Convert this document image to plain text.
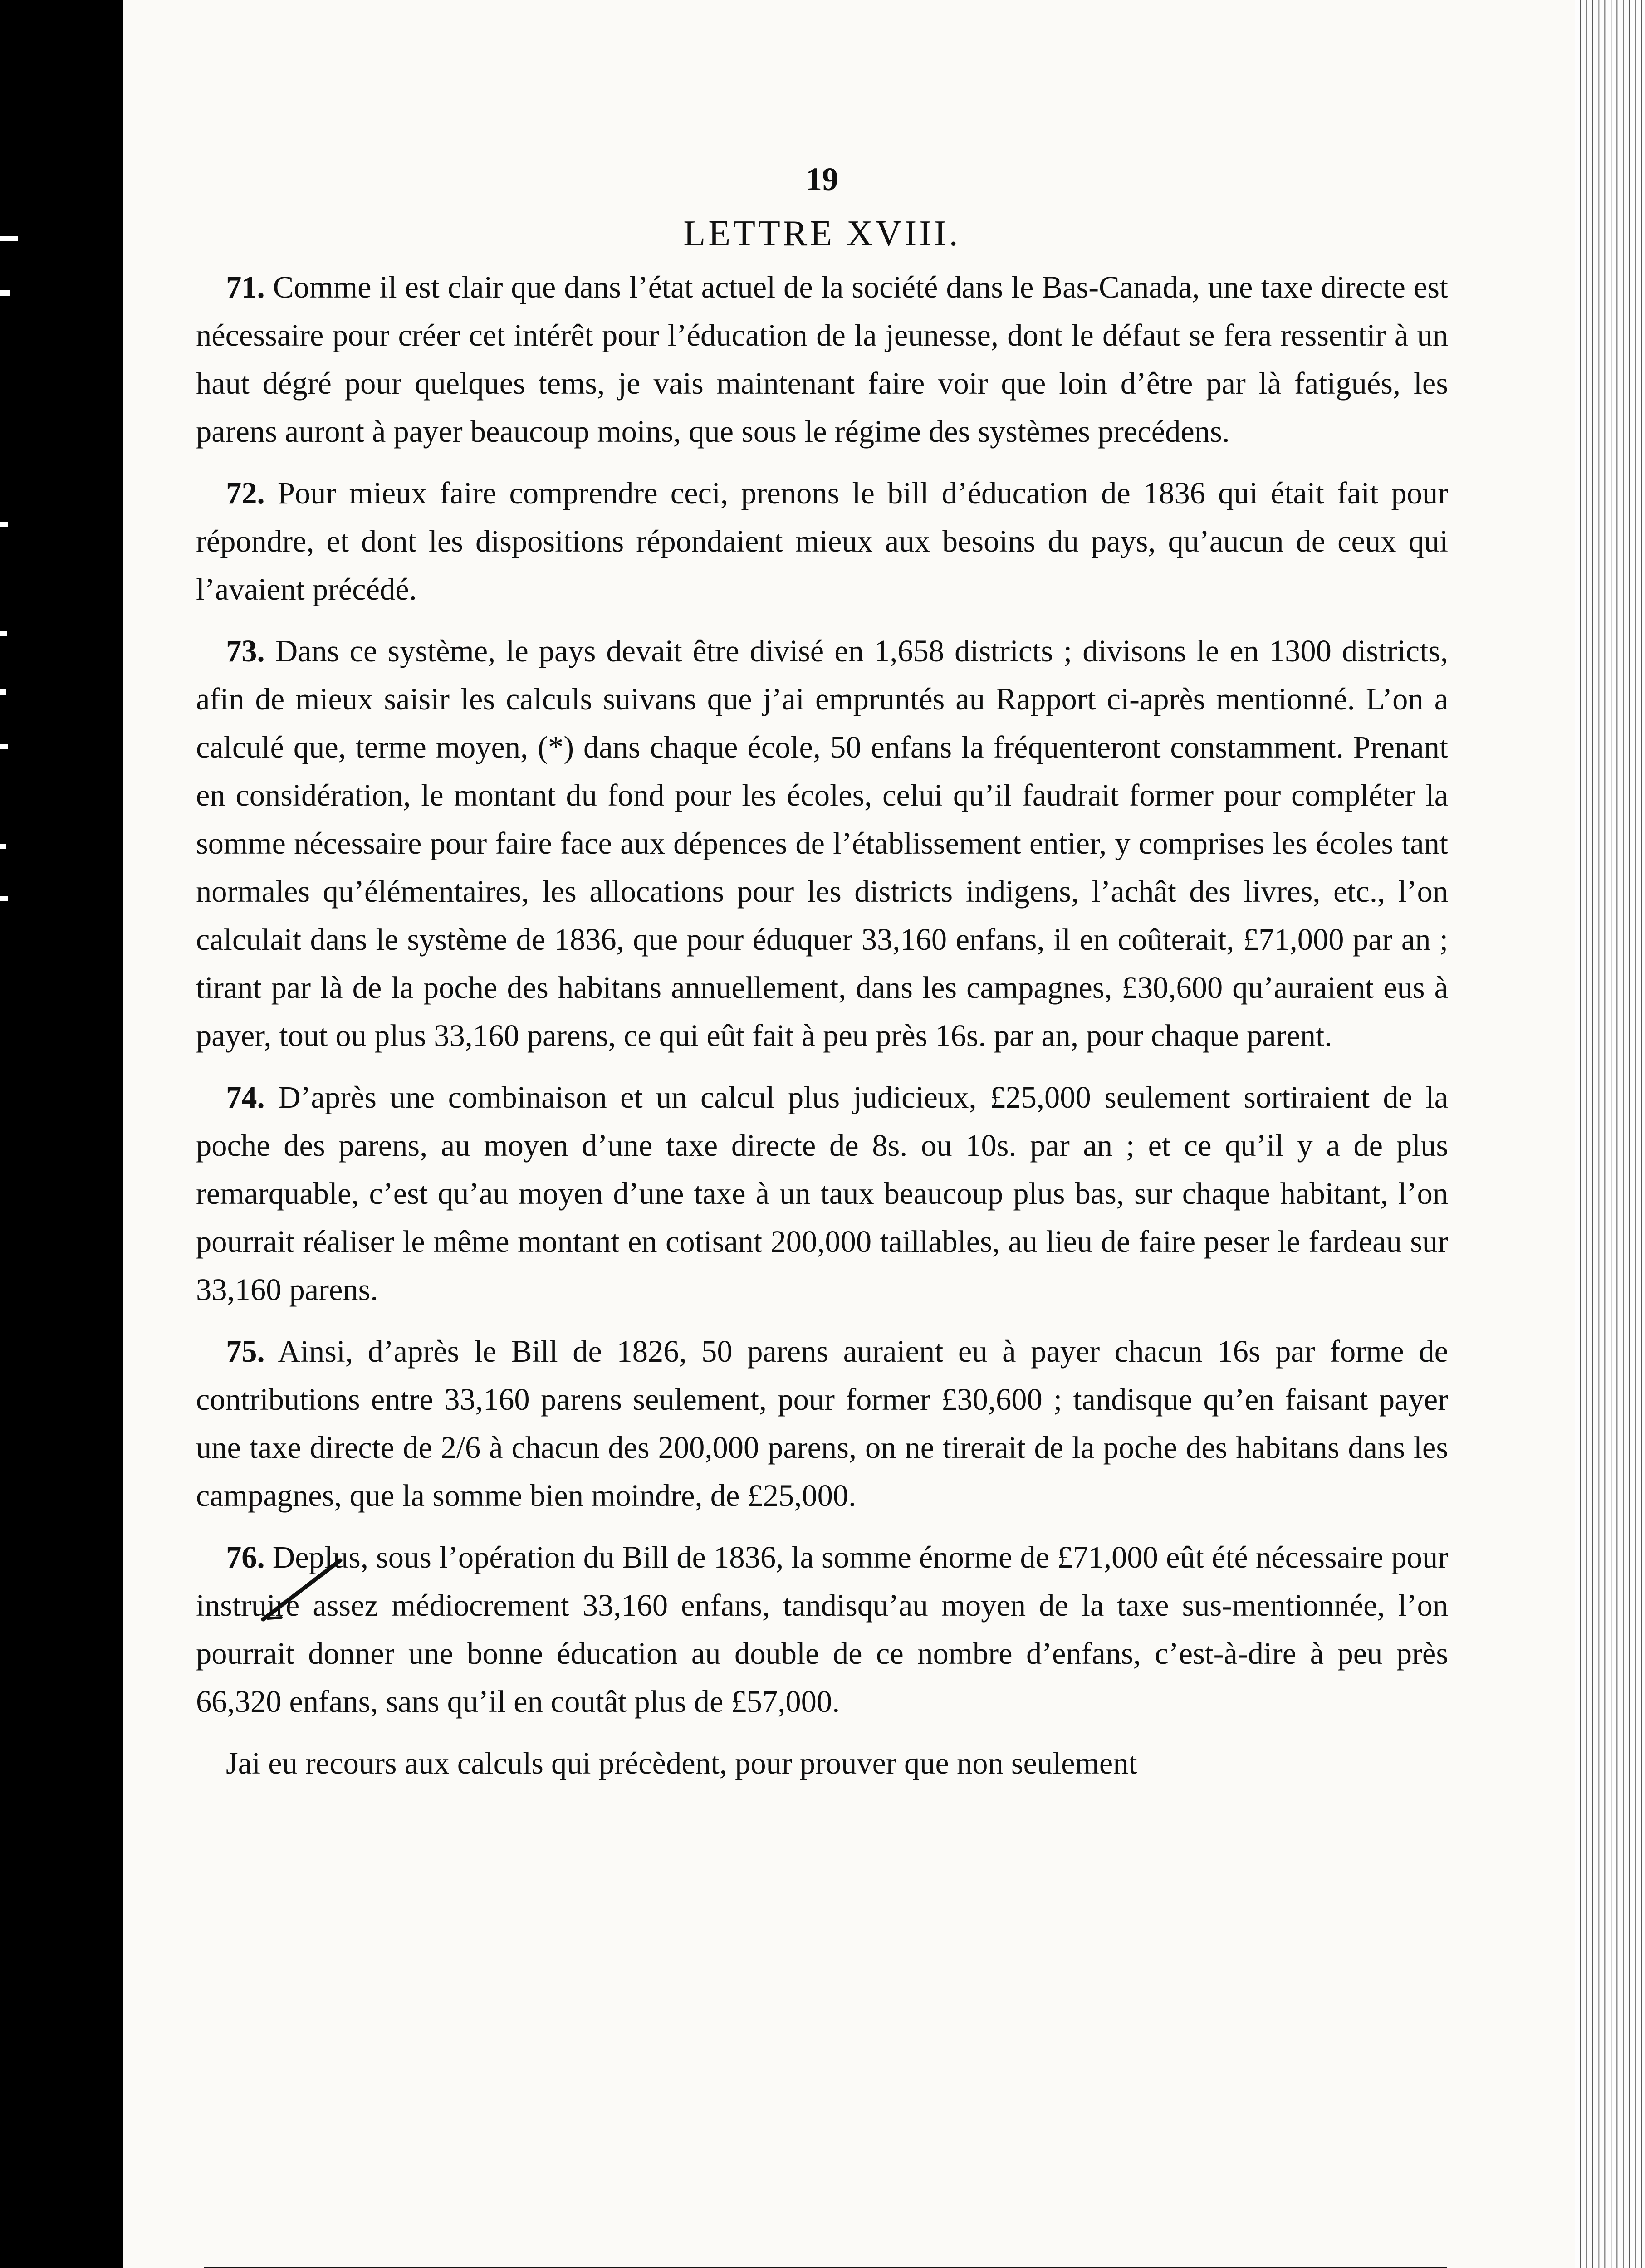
19
LETTRE XVIII.

71. Comme il est clair que dans l’état actuel de la société dans le Bas-Canada, une taxe directe est nécessaire pour créer cet intérêt pour l’éducation de la jeunesse, dont le défaut se fera ressentir à un haut dégré pour quelques tems, je vais maintenant faire voir que loin d’être par là fatigués, les parens auront à payer beaucoup moins, que sous le régime des systèmes precédens.

72. Pour mieux faire comprendre ceci, prenons le bill d’éducation de 1836 qui était fait pour répondre, et dont les dispositions répondaient mieux aux besoins du pays, qu’aucun de ceux qui l’avaient précédé.

73. Dans ce système, le pays devait être divisé en 1,658 districts ; divisons le en 1300 districts, afin de mieux saisir les calculs suivans que j’ai empruntés au Rapport ci-après mentionné. L’on a calculé que, terme moyen, (*) dans chaque école, 50 enfans la fréquenteront constamment. Prenant en considération, le montant du fond pour les écoles, celui qu’il faudrait former pour compléter la somme nécessaire pour faire face aux dépences de l’établissement entier, y comprises les écoles tant normales qu’élémentaires, les allocations pour les districts indigens, l’achât des livres, etc., l’on calculait dans le système de 1836, que pour éduquer 33,160 enfans, il en coûterait, £71,000 par an ; tirant par là de la poche des habitans annuellement, dans les campagnes, £30,600 qu’auraient eus à payer, tout ou plus 33,160 parens, ce qui eût fait à peu près 16s. par an, pour chaque parent.

74. D’après une combinaison et un calcul plus judicieux, £25,000 seulement sortiraient de la poche des parens, au moyen d’une taxe directe de 8s. ou 10s. par an ; et ce qu’il y a de plus remarquable, c’est qu’au moyen d’une taxe à un taux beaucoup plus bas, sur chaque habitant, l’on pourrait réaliser le même montant en cotisant 200,000 taillables, au lieu de faire peser le fardeau sur 33,160 parens.

75. Ainsi, d’après le Bill de 1826, 50 parens auraient eu à payer chacun 16s par forme de contributions entre 33,160 parens seulement, pour former £30,600 ; tandisque qu’en faisant payer une taxe directe de 2/6 à chacun des 200,000 parens, on ne tirerait de la poche des habitans dans les campagnes, que la somme bien moindre, de £25,000.

76. Deplus, sous l’opération du Bill de 1836, la somme énorme de £71,000 eût été nécessaire pour instruire assez médiocrement 33,160 enfans, tandisqu’au moyen de la taxe sus-mentionnée, l’on pourrait donner une bonne éducation au double de ce nombre d’enfans, c’est-à-dire à peu près 66,320 enfans, sans qu’il en coutât plus de £57,000.

Jai eu recours aux calculs qui précèdent, pour prouver que non seulement
